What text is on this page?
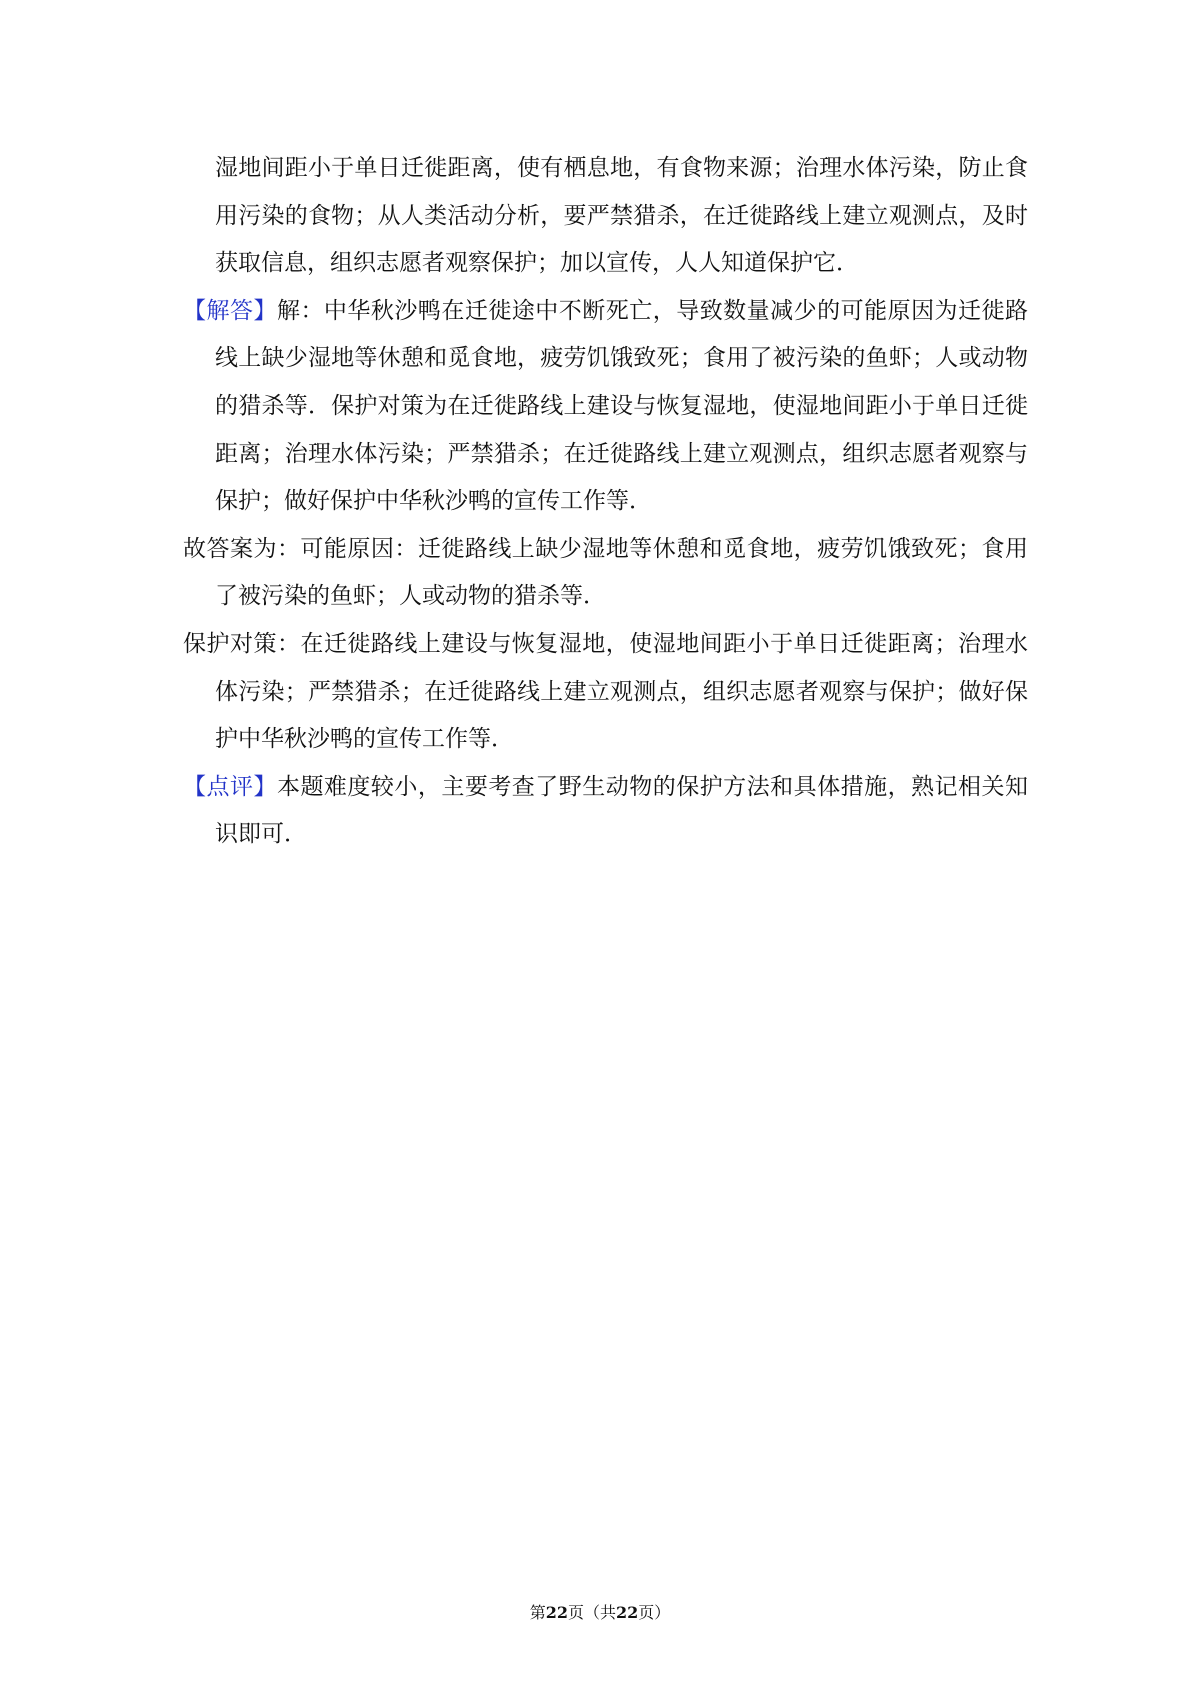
湿地间距小于单日迁徙距离，使有栖息地，有食物来源；治理水体污染，防止食用污染的食物；从人类活动分析，要严禁猎杀，在迁徙路线上建立观测点，及时获取信息，组织志愿者观察保护；加以宣传，人人知道保护它．

【解答】解：中华秋沙鸭在迁徙途中不断死亡，导致数量减少的可能原因为迁徙路线上缺少湿地等休憩和觅食地，疲劳饥饿致死；食用了被污染的鱼虾；人或动物的猎杀等．保护对策为在迁徙路线上建设与恢复湿地，使湿地间距小于单日迁徙距离；治理水体污染；严禁猎杀；在迁徙路线上建立观测点，组织志愿者观察与保护；做好保护中华秋沙鸭的宣传工作等．

故答案为：可能原因：迁徙路线上缺少湿地等休憩和觅食地，疲劳饥饿致死；食用了被污染的鱼虾；人或动物的猎杀等．

保护对策：在迁徙路线上建设与恢复湿地，使湿地间距小于单日迁徙距离；治理水体污染；严禁猎杀；在迁徙路线上建立观测点，组织志愿者观察与保护；做好保护中华秋沙鸭的宣传工作等．

【点评】本题难度较小，主要考查了野生动物的保护方法和具体措施，熟记相关知识即可．

第22页（共22页）
